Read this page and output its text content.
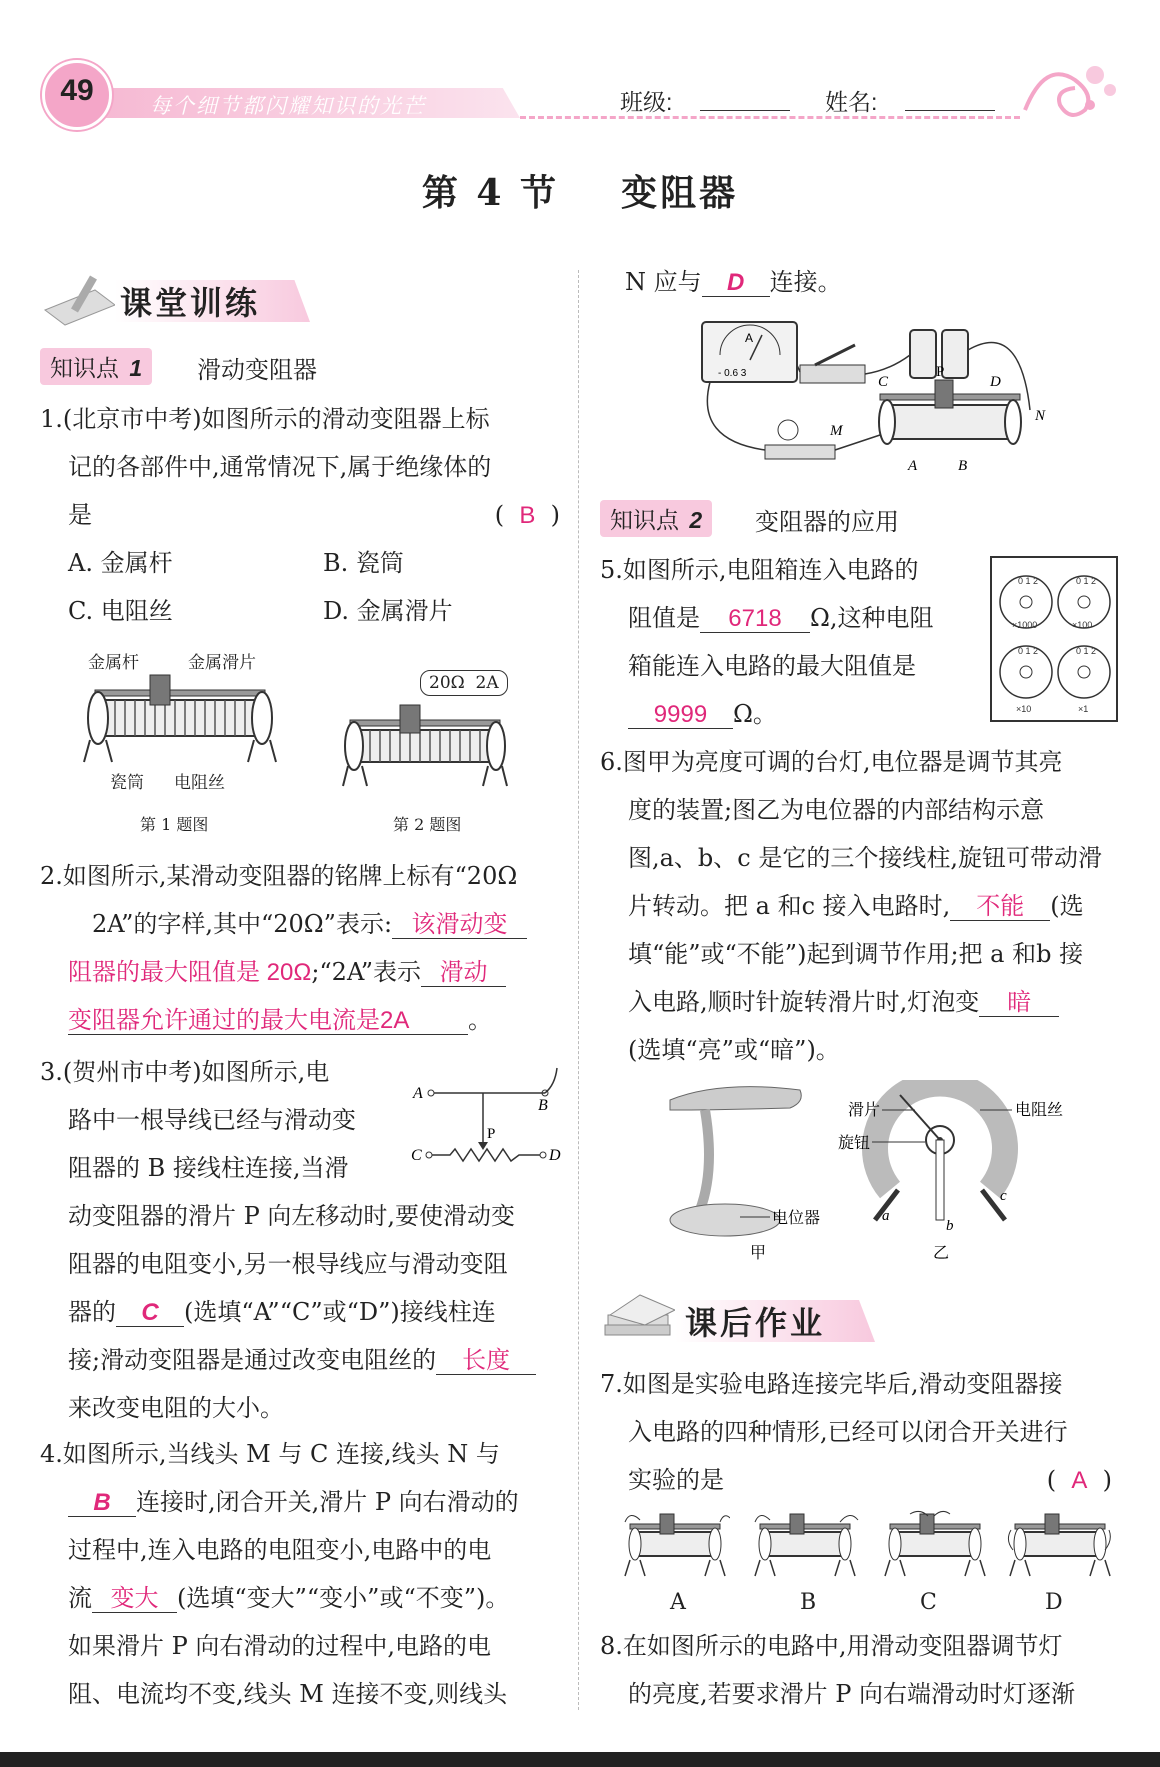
49	每个细节都闪耀知识的光芒	班级:	姓名:
第 4 节    变阻器
课堂训练
知识点 1	滑动变阻器
1.(北京市中考)如图所示的滑动变阻器上标
记的各部件中,通常情况下,属于绝缘体的
是	(  B  )
A. 金属杆	B. 瓷筒
C. 电阻丝	D. 金属滑片
金属杆	金属滑片
瓷筒 电阻丝
第 1 题图
20Ω  2A
第 2 题图
2.如图所示,某滑动变阻器的铭牌上标有“20Ω
2A”的字样,其中“20Ω”表示: 该滑动变
阻器的最大阻值是 20Ω;“2A”表示 滑动
变阻器允许通过的最大电流是2A 。
3.(贺州市中考)如图所示,电
路中一根导线已经与滑动变
阻器的 B 接线柱连接,当滑
动变阻器的滑片 P 向左移动时,要使滑动变
阻器的电阻变小,另一根导线应与滑动变阻
器的 C (选填“A”“C”或“D”)接线柱连
接;滑动变阻器是通过改变电阻丝的 长度
来改变电阻的大小。
A
B
P
C	D
4.如图所示,当线头 M 与 C 连接,线头 N 与
B 连接时,闭合开关,滑片 P 向右滑动的
过程中,连入电路的电阻变小,电路中的电
流 变大 (选填“变大”“变小”或“不变”)。
如果滑片 P 向右滑动的过程中,电路的电
阻、电流均不变,线头 M 连接不变,则线头
N 应与 D 连接。
A
- 0.6 3
M
C
P
D
A	B
N
知识点 2	变阻器的应用
5.如图所示,电阻箱连入电路的
阻值是 6718 Ω,这种电阻
箱能连入电路的最大阻值是
9999 Ω。
0 1 2	0 1 2
0 1 2	0 1 2
×1000	×100
×10	×1
6.图甲为亮度可调的台灯,电位器是调节其亮
度的装置;图乙为电位器的内部结构示意
图,a、b、c 是它的三个接线柱,旋钮可带动滑
片转动。把 a 和c 接入电路时, 不能 (选
填“能”或“不能”)起到调节作用;把 a 和b 接
入电路,顺时针旋转滑片时,灯泡变 暗
(选填“亮”或“暗”)。
电位器
甲
滑片
旋钮
电阻丝
a
b
c
乙
课后作业
7.如图是实验电路连接完毕后,滑动变阻器接
入电路的四种情形,已经可以闭合开关进行
实验的是	(  A  )
A	B	C	D
8.在如图所示的电路中,用滑动变阻器调节灯
的亮度,若要求滑片 P 向右端滑动时灯逐渐
